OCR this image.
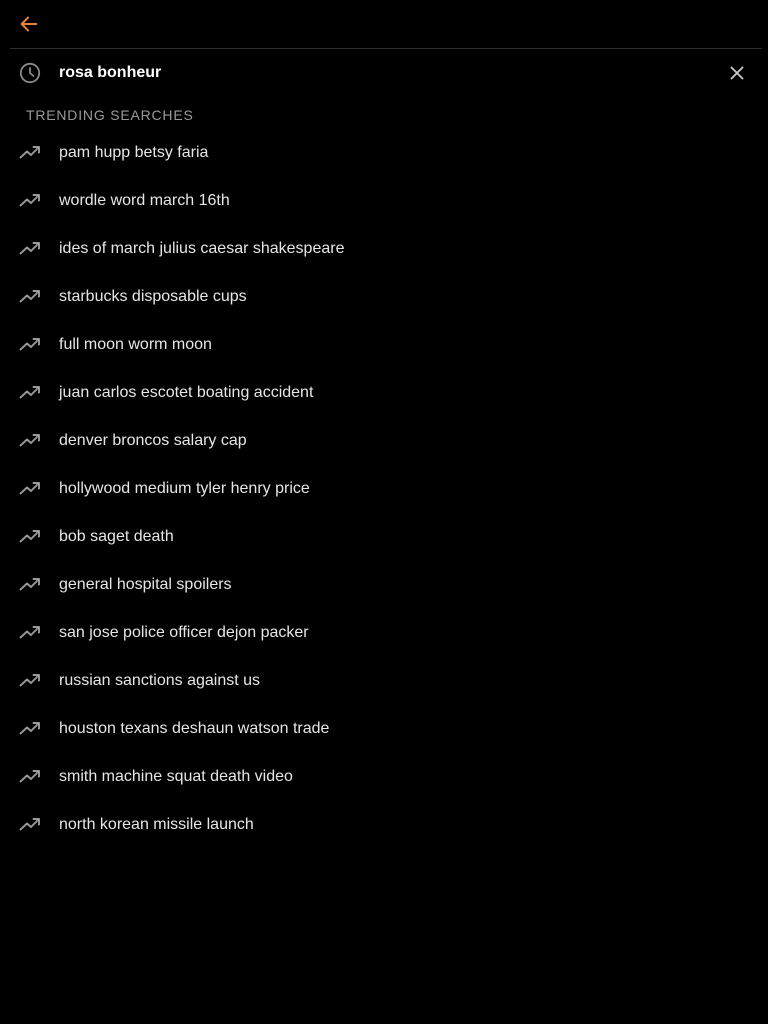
rosa bonheur
TRENDING SEARCHES
pam hupp betsy faria
wordle word march 16th
ides of march julius caesar shakespeare
starbucks disposable cups
full moon worm moon
juan carlos escotet boating accident
denver broncos salary cap
hollywood medium tyler henry price
bob saget death
general hospital spoilers
san jose police officer dejon packer
russian sanctions against us
houston texans deshaun watson trade
smith machine squat death video
north korean missile launch
